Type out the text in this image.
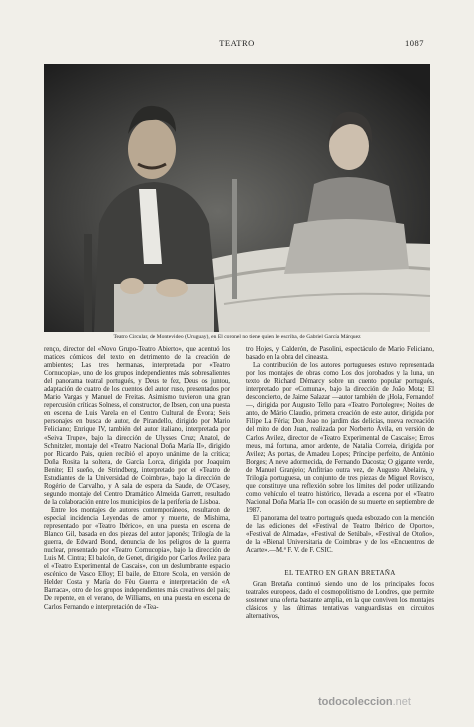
TEATRO	1087
Teatro Circular, de Montevideo (Uruguay), en El coronel no tiene quien le escriba, de Gabriel García Márquez

renço, director del «Novo Grupo-Teatro Abierto», que acentuó los matices cómicos del texto en detrimento de la creación de ambientes; Las tres hermanas, interpretada por «Teatro Cornucopia», uno de los grupos independientes más sobresalientes del panorama teatral portugués, y Deus te fez, Deus os juntou, adaptación de cuatro de los cuentos del autor ruso, presentados por Mario Vargas y Manuel de Freitas. Asimismo tuvieron una gran repercusión críticas Solness, el constructor, de Ibsen, con una puesta en escena de Luis Varela en el Centro Cultural de Évora; Seis personajes en busca de autor, de Pirandello, dirigido por Mario Feliciano; Enrique IV, también del autor italiano, interpretada por «Seiva Trupe», bajo la dirección de Ulysses Cruz; Anatol, de Schnitzler, montaje del «Teatro Nacional Doña María II», dirigido por Ricardo Pais, quien recibió el apoyo unánime de la crítica; Doña Rosita la soltera, de García Lorca, dirigida por Joaquim Benite; El sueño, de Strindberg, interpretado por el «Teatro de Estudiantes de la Universidad de Coimbra», bajo la dirección de Rogério de Carvalho, y A sala de espera da Saude, de O'Casey, segundo montaje del Centro Dramático Almeida Garrett, resultado de la colaboración entre los municipios de la periferia de Lisboa.

Entre los montajes de autores contemporáneos, resultaron de especial incidencia Leyendas de amor y muerte, de Mishima, representado por «Teatro Ibérico», en una puesta en escena de Blanco Gil, basada en dos piezas del autor japonés; Trilogía de la guerra, de Edward Bond, denuncia de los peligros de la guerra nuclear, presentado por «Teatro Cornucopia», bajo la dirección de Luis M. Cintra; El balcón, de Genet, dirigido por Carlos Avilez para el «Teatro Experimental de Cascais», con un deslumbrante espacio escénico de Vasco Elloy; El baile, de Ettore Scola, en versión de Helder Costa y María do Fèu Guerra e interpretación de «A Barraca», otro de los grupos independientes más creativos del país; De repente, en el verano, de Williams, en una puesta en escena de Carlos Fernando e interpretación de «Tea-

tro Hojes, y Calderón, de Pasolini, espectáculo de Mario Feliciano, basado en la obra del cineasta.

La contribución de los autores portugueses estuvo representada por los montajes de obras como Los dos jorobados y la luna, un texto de Richard Démarcy sobre un cuento popular portugués, interpretado por «Comuna», bajo la dirección de João Mota; El desconcierto, de Jaime Salazar —autor también de ¡Hola, Fernando!—, dirigida por Augusto Tello para «Teatro Portolegre»; Noites de anto, de Mário Claudio, primera creación de este autor, dirigida por Filipe La Féria; Don Joao no jardim das delicias, nueva recreación del mito de don Juan, realizada por Norberto Ávila, en versión de Carlos Avilez, director de «Teatro Experimental de Cascais»; Erros meus, má fortuna, amor ardente, de Natalia Correia, dirigida por Avilez; As portas, de Amadeu Lopes; Príncipe perfeito, de António Borges; A neve adormecida, de Fernando Dacosta; O gigante verde, de Manuel Granjeio; Anfitriao outra vez, de Augusto Abelaira, y Trilogía portuguesa, un conjunto de tres piezas de Miguel Rovisco, que constituye una reflexión sobre los límites del poder utilizando como vehículo el teatro histórico, llevada a escena por el «Teatro Nacional Doña María II» con ocasión de su muerte en septiembre de 1987.

El panorama del teatro portugués queda esbozado con la mención de las ediciones del «Festival de Teatro Ibérico de Oporto», «Festival de Almada», «Festival de Setúbal», «Festival de Otoño», de la «Bienal Universitaria de Coimbra» y de los «Encuentros de Acarte».—M.ª F. V. de F. CSIC.

EL TEATRO EN GRAN BRETAÑA

Gran Bretaña continuó siendo uno de los principales focos teatrales europeos, dado el cosmopolitismo de Londres, que permite sostener una oferta bastante amplia, en la que conviven los montajes clásicos y las últimas tentativas vanguardistas en circuitos alternativos,

todocoleccion.net
